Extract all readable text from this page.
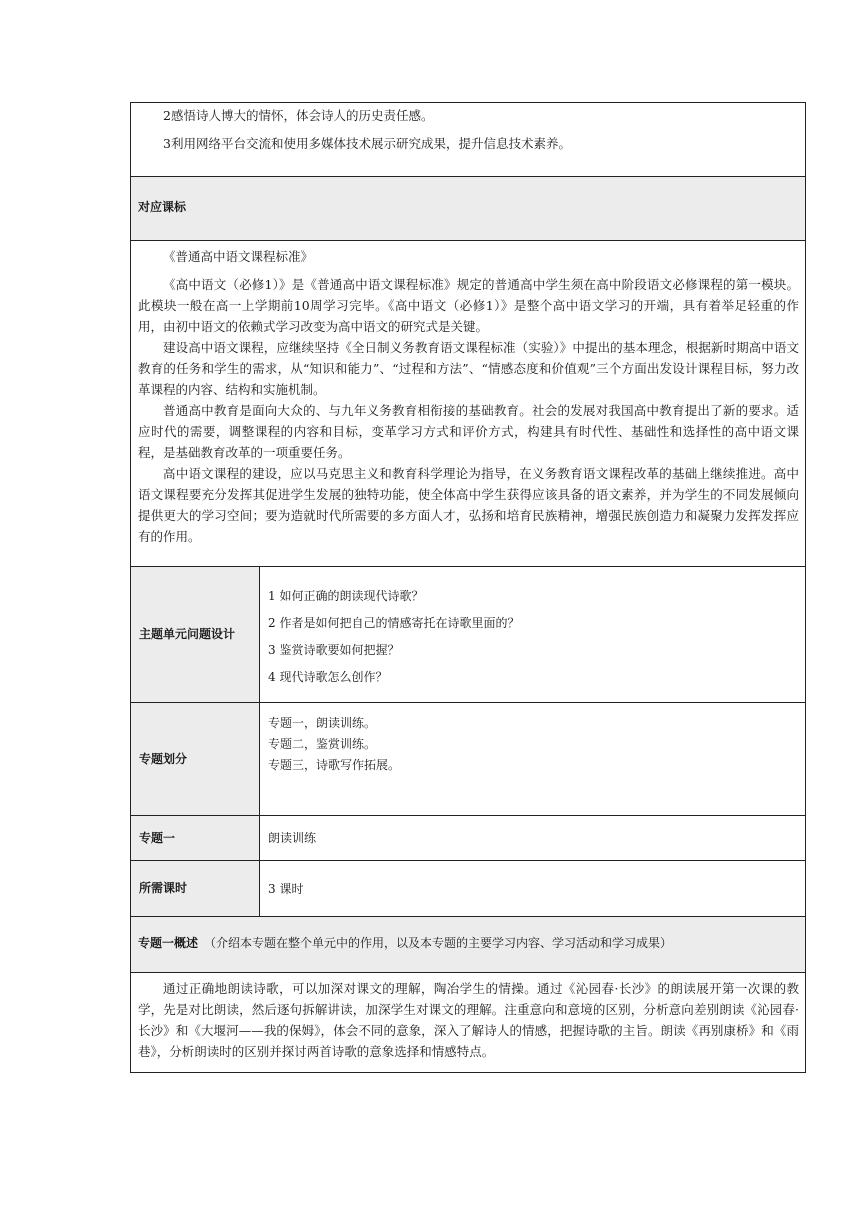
2感悟诗人博大的情怀，体会诗人的历史责任感。

3利用网络平台交流和使用多媒体技术展示研究成果，提升信息技术素养。

对应课标

《普通高中语文课程标准》

《高中语文（必修1）》是《普通高中语文课程标准》规定的普通高中学生须在高中阶段语文必修课程的第一模块。此模块一般在高一上学期前10周学习完毕。《高中语文（必修1）》是整个高中语文学习的开端，具有着举足轻重的作用，由初中语文的依赖式学习改变为高中语文的研究式是关键。

建设高中语文课程，应继续坚持《全日制义务教育语文课程标准（实验）》中提出的基本理念，根据新时期高中语文教育的任务和学生的需求，从“知识和能力”、“过程和方法”、“情感态度和价值观”三个方面出发设计课程目标，努力改革课程的内容、结构和实施机制。

普通高中教育是面向大众的、与九年义务教育相衔接的基础教育。社会的发展对我国高中教育提出了新的要求。适应时代的需要，调整课程的内容和目标，变革学习方式和评价方式，构建具有时代性、基础性和选择性的高中语文课程，是基础教育改革的一项重要任务。

高中语文课程的建设，应以马克思主义和教育科学理论为指导，在义务教育语文课程改革的基础上继续推进。高中语文课程要充分发挥其促进学生发展的独特功能，使全体高中学生获得应该具备的语文素养，并为学生的不同发展倾向提供更大的学习空间；要为造就时代所需要的多方面人才，弘扬和培育民族精神，增强民族创造力和凝聚力发挥发挥应有的作用。

主题单元问题设计

1 如何正确的朗读现代诗歌？

2 作者是如何把自己的情感寄托在诗歌里面的？

3 鉴赏诗歌要如何把握？

4 现代诗歌怎么创作？

专题划分

专题一，朗读训练。

专题二，鉴赏训练。

专题三，诗歌写作拓展。

专题一	朗读训练
所需课时	3 课时
专题一概述 （介绍本专题在整个单元中的作用，以及本专题的主要学习内容、学习活动和学习成果）

通过正确地朗读诗歌，可以加深对课文的理解，陶冶学生的情操。通过《沁园春·长沙》的朗读展开第一次课的教学，先是对比朗读，然后逐句拆解讲读，加深学生对课文的理解。注重意向和意境的区别，分析意向差别朗读《沁园春·长沙》和《大堰河——我的保姆》，体会不同的意象，深入了解诗人的情感，把握诗歌的主旨。朗读《再别康桥》和《雨巷》，分析朗读时的区别并探讨两首诗歌的意象选择和情感特点。
